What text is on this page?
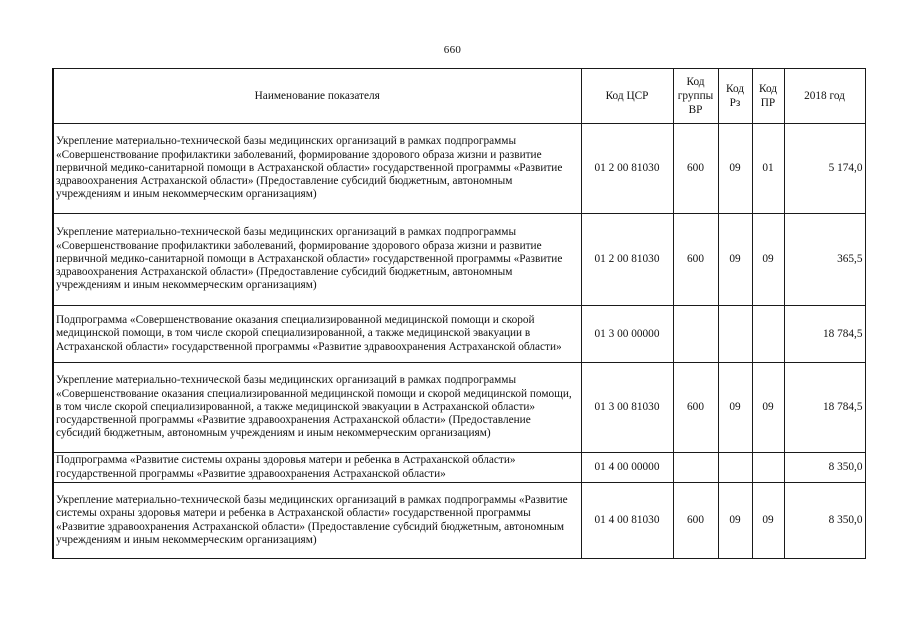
660
Наименование показателя	Код ЦСР	Код группы ВР	Код Рз	Код ПР	2018 год
Укрепление материально-технической базы медицинских организаций в рамках подпрограммы «Совершенствование профилактики заболеваний, формирование здорового образа жизни и развитие первичной медико-санитарной помощи в Астраханской области» государственной программы «Развитие здравоохранения Астраханской области» (Предоставление субсидий бюджетным, автономным учреждениям и иным некоммерческим организациям)	01 2 00 81030	600	09	01	5 174,0
Укрепление материально-технической базы медицинских организаций в рамках подпрограммы «Совершенствование профилактики заболеваний, формирование здорового образа жизни и развитие первичной медико-санитарной помощи в Астраханской области» государственной программы «Развитие здравоохранения Астраханской области» (Предоставление субсидий бюджетным, автономным учреждениям и иным некоммерческим организациям)	01 2 00 81030	600	09	09	365,5
Подпрограмма «Совершенствование оказания специализированной медицинской помощи и скорой медицинской помощи, в том числе скорой специализированной, а также медицинской эвакуации в Астраханской области» государственной программы «Развитие здравоохранения Астраханской области»	01 3 00 00000				18 784,5
Укрепление материально-технической базы медицинских организаций в рамках подпрограммы «Совершенствование оказания специализированной медицинской помощи и скорой медицинской помощи, в том числе скорой специализированной, а также медицинской эвакуации в Астраханской области» государственной программы «Развитие здравоохранения Астраханской области» (Предоставление субсидий бюджетным, автономным учреждениям и иным некоммерческим организациям)	01 3 00 81030	600	09	09	18 784,5
Подпрограмма «Развитие системы охраны здоровья матери и ребенка в Астраханской области» государственной программы «Развитие здравоохранения Астраханской области»	01 4 00 00000				8 350,0
Укрепление материально-технической базы медицинских организаций в рамках подпрограммы «Развитие системы охраны здоровья матери и ребенка в Астраханской области» государственной программы «Развитие здравоохранения Астраханской области» (Предоставление субсидий бюджетным, автономным учреждениям и иным некоммерческим организациям)	01 4 00 81030	600	09	09	8 350,0
